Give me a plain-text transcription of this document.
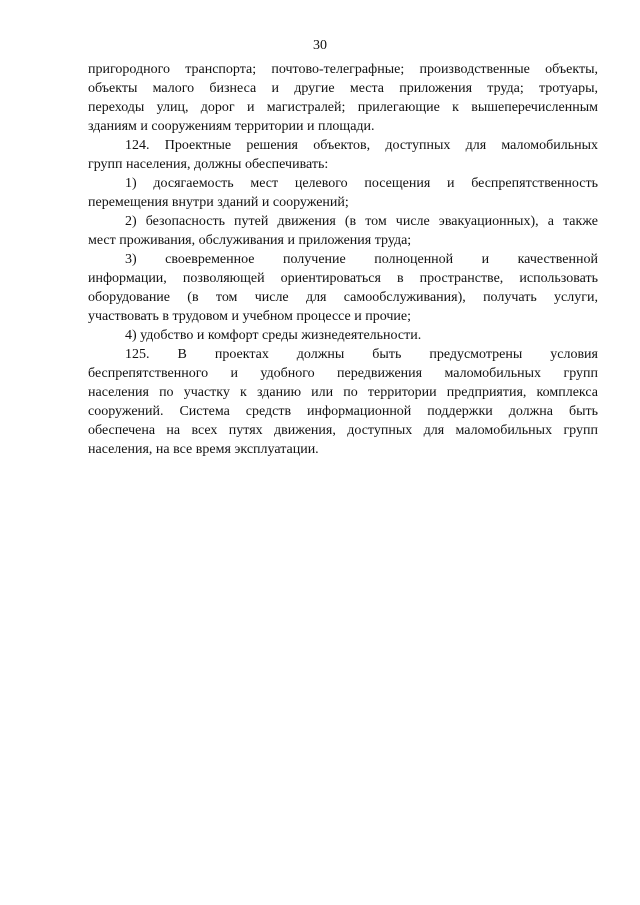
30
пригородного транспорта; почтово-телеграфные; производственные объекты,
объекты малого бизнеса и другие места приложения труда; тротуары,
переходы улиц, дорог и магистралей; прилегающие к вышеперечисленным
зданиям и сооружениям территории и площади.
124. Проектные решения объектов, доступных для маломобильных
групп населения, должны обеспечивать:
1) досягаемость мест целевого посещения и беспрепятственность
перемещения внутри зданий и сооружений;
2) безопасность путей движения (в том числе эвакуационных), а также
мест проживания, обслуживания и приложения труда;
3) своевременное получение полноценной и качественной
информации, позволяющей ориентироваться в пространстве, использовать
оборудование (в том числе для самообслуживания), получать услуги,
участвовать в трудовом и учебном процессе и прочие;
4) удобство и комфорт среды жизнедеятельности.
125. В проектах должны быть предусмотрены условия
беспрепятственного и удобного передвижения маломобильных групп
населения по участку к зданию или по территории предприятия, комплекса
сооружений. Система средств информационной поддержки должна быть
обеспечена на всех путях движения, доступных для маломобильных групп
населения, на все время эксплуатации.
